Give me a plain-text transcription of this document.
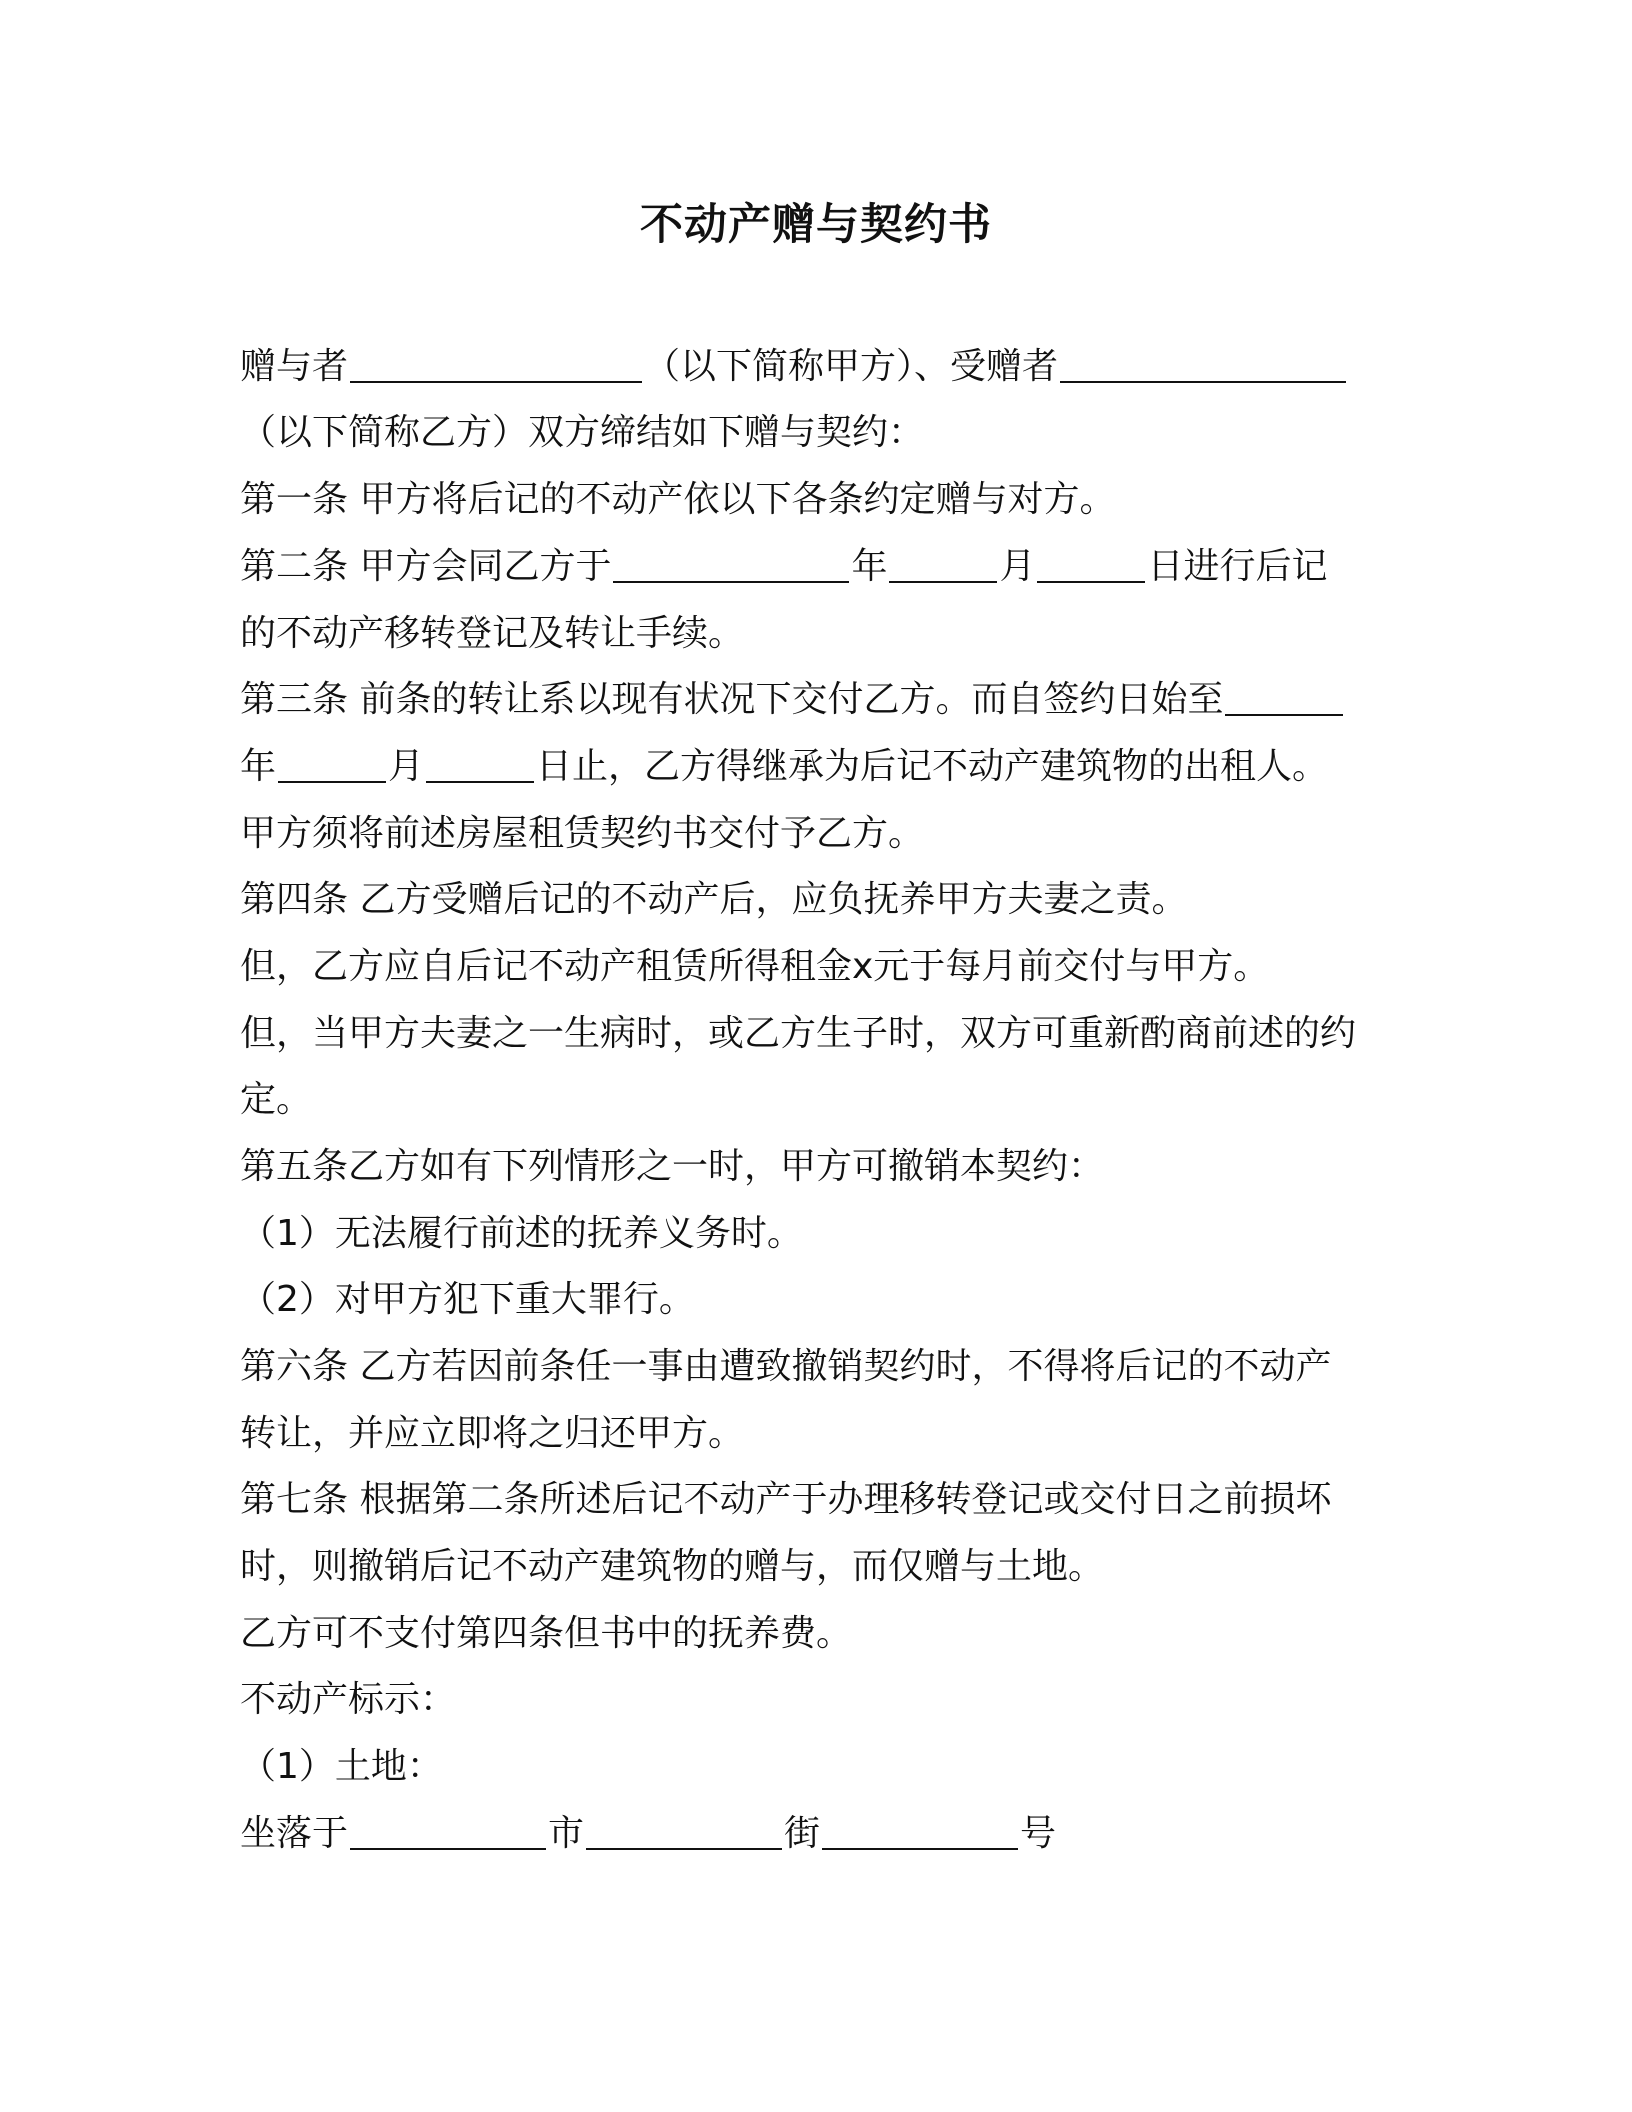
不动产赠与契约书
赠与者	（以下简称甲方）、受赠者
（以下简称乙方）双方缔结如下赠与契约：
第一条 甲方将后记的不动产依以下各条约定赠与对方。
第二条 甲方会同乙方于	年	月	日进行后记
的不动产移转登记及转让手续。
第三条 前条的转让系以现有状况下交付乙方。而自签约日始至
年	月	日止，乙方得继承为后记不动产建筑物的出租人。
甲方须将前述房屋租赁契约书交付予乙方。
第四条 乙方受赠后记的不动产后，应负抚养甲方夫妻之责。
但，乙方应自后记不动产租赁所得租金x元于每月前交付与甲方。
但，当甲方夫妻之一生病时，或乙方生子时，双方可重新酌商前述的约
定。
第五条乙方如有下列情形之一时，甲方可撤销本契约：
（1）无法履行前述的抚养义务时。
（2）对甲方犯下重大罪行。
第六条 乙方若因前条任一事由遭致撤销契约时，不得将后记的不动产
转让，并应立即将之归还甲方。
第七条 根据第二条所述后记不动产于办理移转登记或交付日之前损坏
时，则撤销后记不动产建筑物的赠与，而仅赠与土地。
乙方可不支付第四条但书中的抚养费。
不动产标示：
（1）土地：
坐落于	市	街	号
